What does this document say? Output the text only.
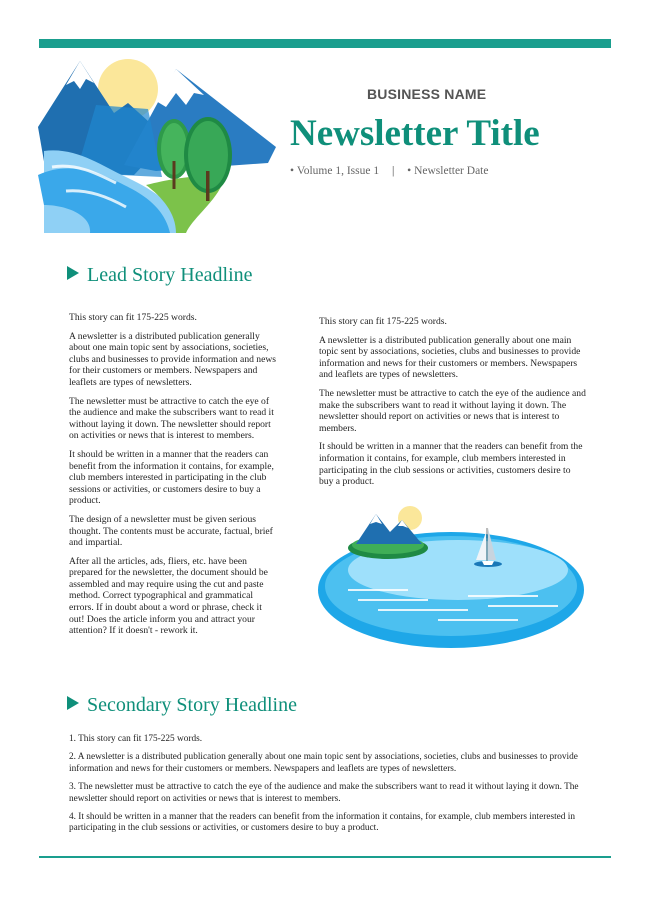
BUSINESS NAME
Newsletter Title
• Volume 1, Issue 1 | • Newsletter Date
Lead Story Headline

This story can fit 175-225 words.

A newsletter is a distributed publication generally about one main topic sent by associations, societies, clubs and businesses to provide information and news for their customers or members. Newspapers and leaflets are types of newsletters.

The newsletter must be attractive to catch the eye of the audience and make the subscribers want to read it without laying it down. The newsletter should report on activities or news that is interest to members.

It should be written in a manner that the readers can benefit from the information it contains, for example, club members interested in participating in the club sessions or activities, or customers desire to buy a product.

The design of a newsletter must be given serious thought. The contents must be accurate, factual, brief and impartial.

After all the articles, ads, fliers, etc. have been prepared for the newsletter, the document should be assembled and may require using the cut and paste method. Correct typographical and grammatical errors. If in doubt about a word or phrase, check it out! Does the article inform you and attract your attention? If it doesn't - rework it.

This story can fit 175-225 words.

A newsletter is a distributed publication generally about one main topic sent by associations, societies, clubs and businesses to provide information and news for their customers or members. Newspapers and leaflets are types of newsletters.

The newsletter must be attractive to catch the eye of the audience and make the subscribers want to read it without laying it down. The newsletter should report on activities or news that is interest to members.

It should be written in a manner that the readers can benefit from the information it contains, for example, club members interested in participating in the club sessions or activities, customers desire to buy a product.

Secondary Story Headline

1. This story can fit 175-225 words.

2. A newsletter is a distributed publication generally about one main topic sent by associations, societies, clubs and businesses to provide information and news for their customers or members. Newspapers and leaflets are types of newsletters.

3. The newsletter must be attractive to catch the eye of the audience and make the subscribers want to read it without laying it down. The newsletter should report on activities or news that is interest to members.

4. It should be written in a manner that the readers can benefit from the information it contains, for example, club members interested in participating in the club sessions or activities, or customers desire to buy a product.
